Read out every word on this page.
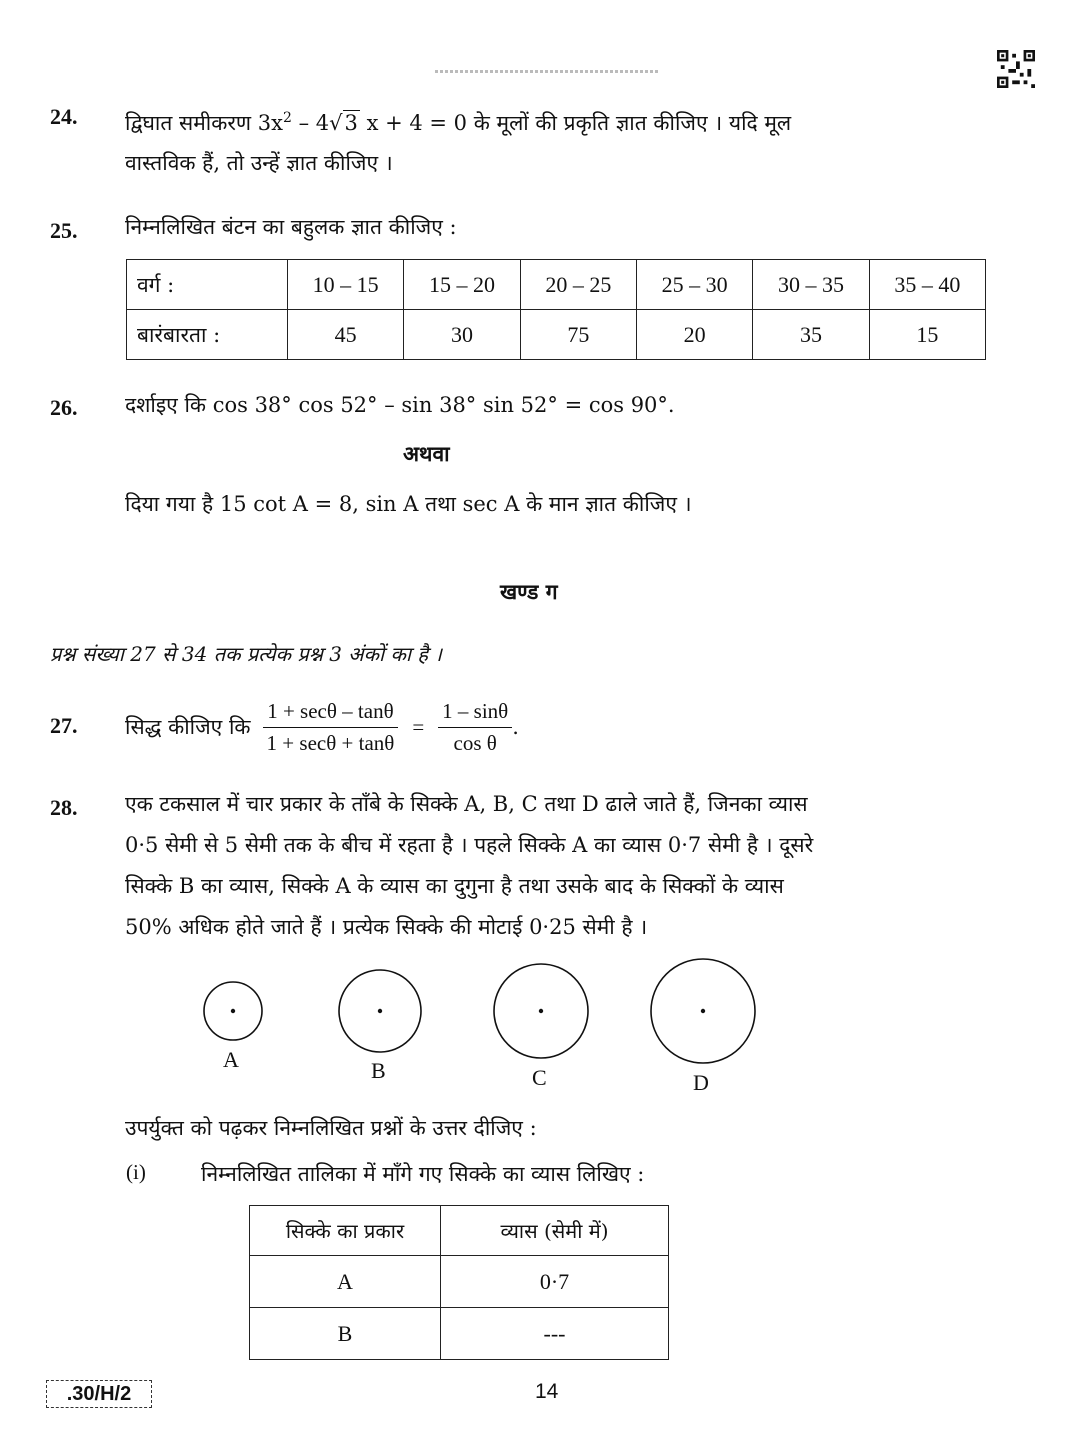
24. द्विघात समीकरण $3x^2 - 4√3$ x + 4 = 0 के मूलों की प्रकृति ज्ञात कीजिए । यदि मूल
वास्तविक हैं, तो उन्हें ज्ञात कीजिए ।
25. निम्नलिखित बंटन का बहुलक ज्ञात कीजिए :
वर्ग :	10 – 15	15 – 20	20 – 25	25 – 30	30 – 35	35 – 40
बारंबारता :	45	30	75	20	35	15
26. दर्शाइए कि cos 38° cos 52° – sin 38° sin 52° = cos 90°.
अथवा
दिया गया है 15 cot A = 8, sin A तथा sec A के मान ज्ञात कीजिए ।
खण्ड ग
प्रश्न संख्या 27 से 34 तक प्रत्येक प्रश्न 3 अंकों का है ।
27. सिद्ध कीजिए कि $\frac{1 + \sec\theta - \tan\theta}{1 + \sec\theta + \tan\theta} = \frac{1 - \sin\theta}{\text{cos θ}}$ .
28. एक टकसाल में चार प्रकार के ताँबे के सिक्के A, B, C तथा D ढाले जाते हैं, जिनका व्यास
0·5 सेमी से 5 सेमी तक के बीच में रहता है । पहले सिक्के A का व्यास 0·7 सेमी है । दूसरे
सिक्के B का व्यास, सिक्के A के व्यास का दुगुना है तथा उसके बाद के सिक्कों के व्यास
50% अधिक होते जाते हैं । प्रत्येक सिक्के की मोटाई 0·25 सेमी है ।
A	B	C	D
उपर्युक्त को पढ़कर निम्नलिखित प्रश्नों के उत्तर दीजिए :
(i)	निम्नलिखित तालिका में माँगे गए सिक्के का व्यास लिखिए :
सिक्के का प्रकार	व्यास (सेमी में)
A	0·7
B	---
.30/H/2	14
